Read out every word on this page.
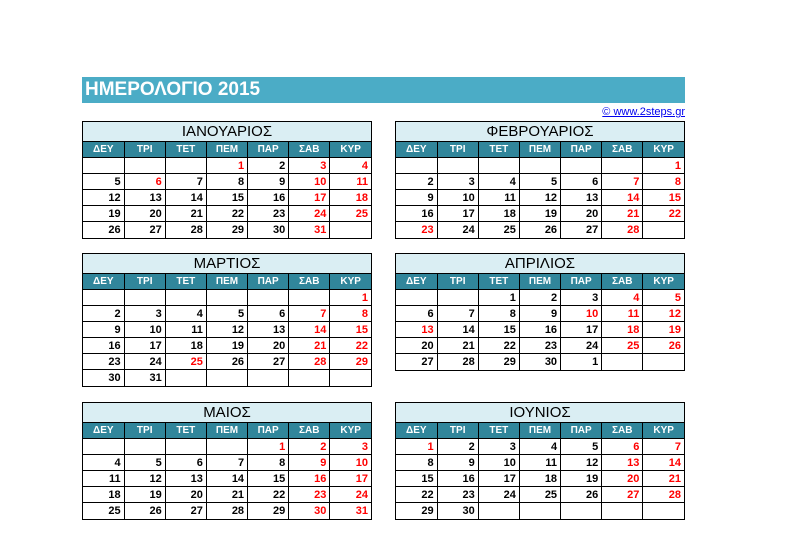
ΗΜΕΡΟΛΟΓΙΟ 2015
© www.2steps.gr
ΙΑΝΟΥΑΡΙΟΣ
ΔΕΥ	ΤΡΙ	ΤΕΤ	ΠΕΜ	ΠΑΡ	ΣΑΒ	ΚΥΡ
			1	2	3	4
5	6	7	8	9	10	11
12	13	14	15	16	17	18
19	20	21	22	23	24	25
26	27	28	29	30	31	
ΦΕΒΡΟΥΑΡΙΟΣ
ΔΕΥ	ΤΡΙ	ΤΕΤ	ΠΕΜ	ΠΑΡ	ΣΑΒ	ΚΥΡ
						1
2	3	4	5	6	7	8
9	10	11	12	13	14	15
16	17	18	19	20	21	22
23	24	25	26	27	28	
ΜΑΡΤΙΟΣ
ΔΕΥ	ΤΡΙ	ΤΕΤ	ΠΕΜ	ΠΑΡ	ΣΑΒ	ΚΥΡ
						1
2	3	4	5	6	7	8
9	10	11	12	13	14	15
16	17	18	19	20	21	22
23	24	25	26	27	28	29
30	31					
ΑΠΡΙΛΙΟΣ
ΔΕΥ	ΤΡΙ	ΤΕΤ	ΠΕΜ	ΠΑΡ	ΣΑΒ	ΚΥΡ
		1	2	3	4	5
6	7	8	9	10	11	12
13	14	15	16	17	18	19
20	21	22	23	24	25	26
27	28	29	30	1		
ΜΑΙΟΣ
ΔΕΥ	ΤΡΙ	ΤΕΤ	ΠΕΜ	ΠΑΡ	ΣΑΒ	ΚΥΡ
				1	2	3
4	5	6	7	8	9	10
11	12	13	14	15	16	17
18	19	20	21	22	23	24
25	26	27	28	29	30	31
ΙΟΥΝΙΟΣ
ΔΕΥ	ΤΡΙ	ΤΕΤ	ΠΕΜ	ΠΑΡ	ΣΑΒ	ΚΥΡ
1	2	3	4	5	6	7
8	9	10	11	12	13	14
15	16	17	18	19	20	21
22	23	24	25	26	27	28
29	30					
